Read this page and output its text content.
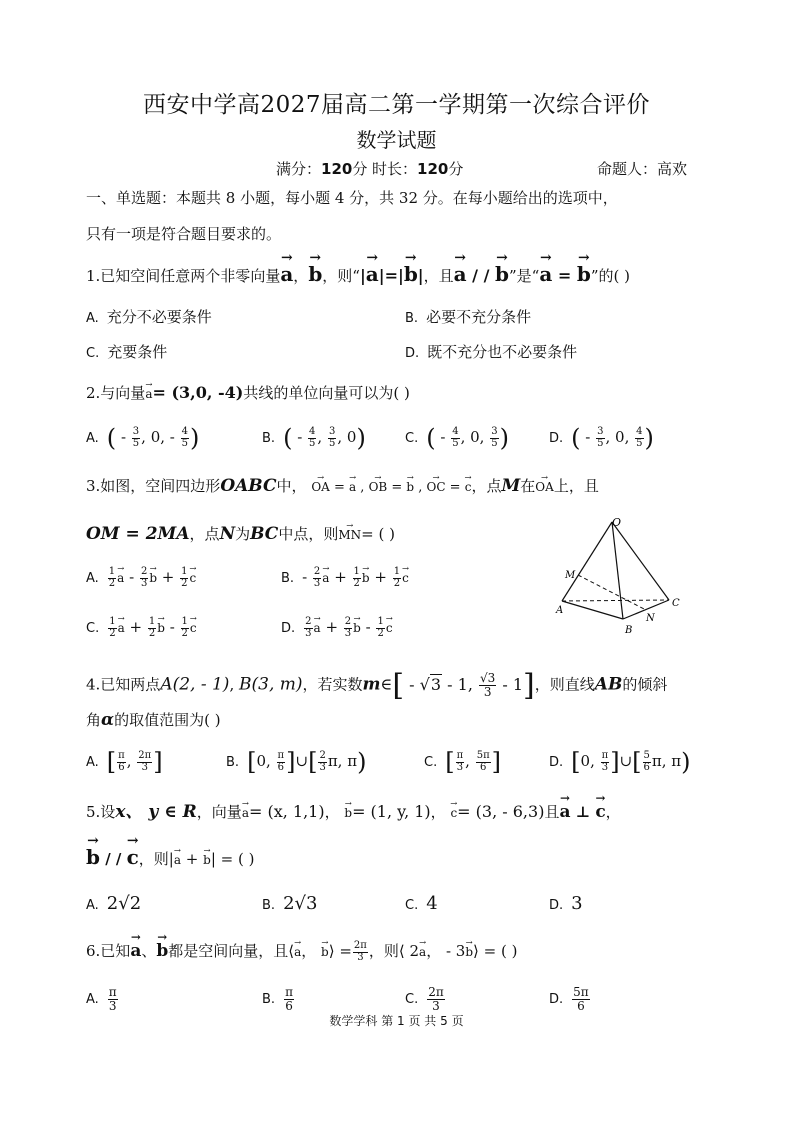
西安中学高2027届高二第一学期第一次综合评价
数学试题
满分：120分 时长：120分	命题人：高欢
一、单选题：本题共 8 小题，每小题 4 分，共 32 分。在每小题给出的选项中，
只有一项是符合题目要求的。
1.已知空间任意两个非零向量→ a，→ b，则“|→ a|=|→ b|，且→ a / / → b”是“→ a = → b”的( )
A. 充分不必要条件	B. 必要不充分条件
C. 充要条件	D. 既不充分也不必要条件
2.与向量→ a= (3,0, -4)共线的单位向量可以为( )
A. ( - $\frac{3}{5}$ , 0, - $\frac{4}{5}$ )	B. ( - $\frac{4}{5}$ , $\frac{3}{5}$ , 0)	C. ( - $\frac{4}{5}$ , 0, $\frac{3}{5}$ )	D. ( - $\frac{3}{5}$ , 0, $\frac{4}{5}$ )
3.如图，空间四边形OABC中， → OA = → a , → OB = → b , → OC = → c，点M在→ OA上，且
OM = 2MA，点N为BC中点，则→ MN= ( )
A. $\frac{1}{2}$
→ a - $\frac{2}{3}$
→ $b + \frac{1}{2}$
→ c	B. - $\frac{2}{3}$
→ $a + \frac{1}{2}$
→ $b + \frac{1}{2}$
→ c
C. $\frac{1}{2}$
→ $a + \frac{1}{2}$
→ b - $\frac{1}{2}$
→ c	D. $\frac{2}{3}$
→ $a + \frac{2}{3}$
→ b - $\frac{1}{2}$
→ c
O
M
A
B
C
N
4.已知两点A(2, - 1), B(3, m)，若实数m∈[ - √3 - 1, $\frac{√3}{3} - 1$]，则直线AB的倾斜
角α的取值范围为( )
A. [ $\frac{\pi}{6}$ , $\frac{2\pi}{3}$ ]	B. [0, $\frac{\pi}{6}$ ]∪[ $\frac{2}{3} \pi$, π)	C. [ $\frac{\pi}{3}$ , $\frac{5\pi}{6}$ ]	D. [0, $\frac{\pi}{3}$ ]∪[ $\frac{5}{6} \pi$, π)
5.设x、 y ∈ R，向量→ a= (x, 1,1)， → b= (1, y, 1)， → c= (3, - 6,3)且→ a ⊥ → c，
→ b / / → c，则|→ a + → b| = ( )
A. 2√2	B. 2√3	C. 4	D. 3
6.已知→ a、→ b都是空间向量，且⟨→ a， → b⟩ = $\frac{2\pi}{3}$ ，则⟨ 2→ a， - 3→ b⟩ = ( )
A. $\frac{\pi}{3}$	B. $\frac{\pi}{6}$	C. $\frac{2\pi}{3}$	D. $\frac{5\pi}{6}$
数学学科 第 1 页 共 5 页
